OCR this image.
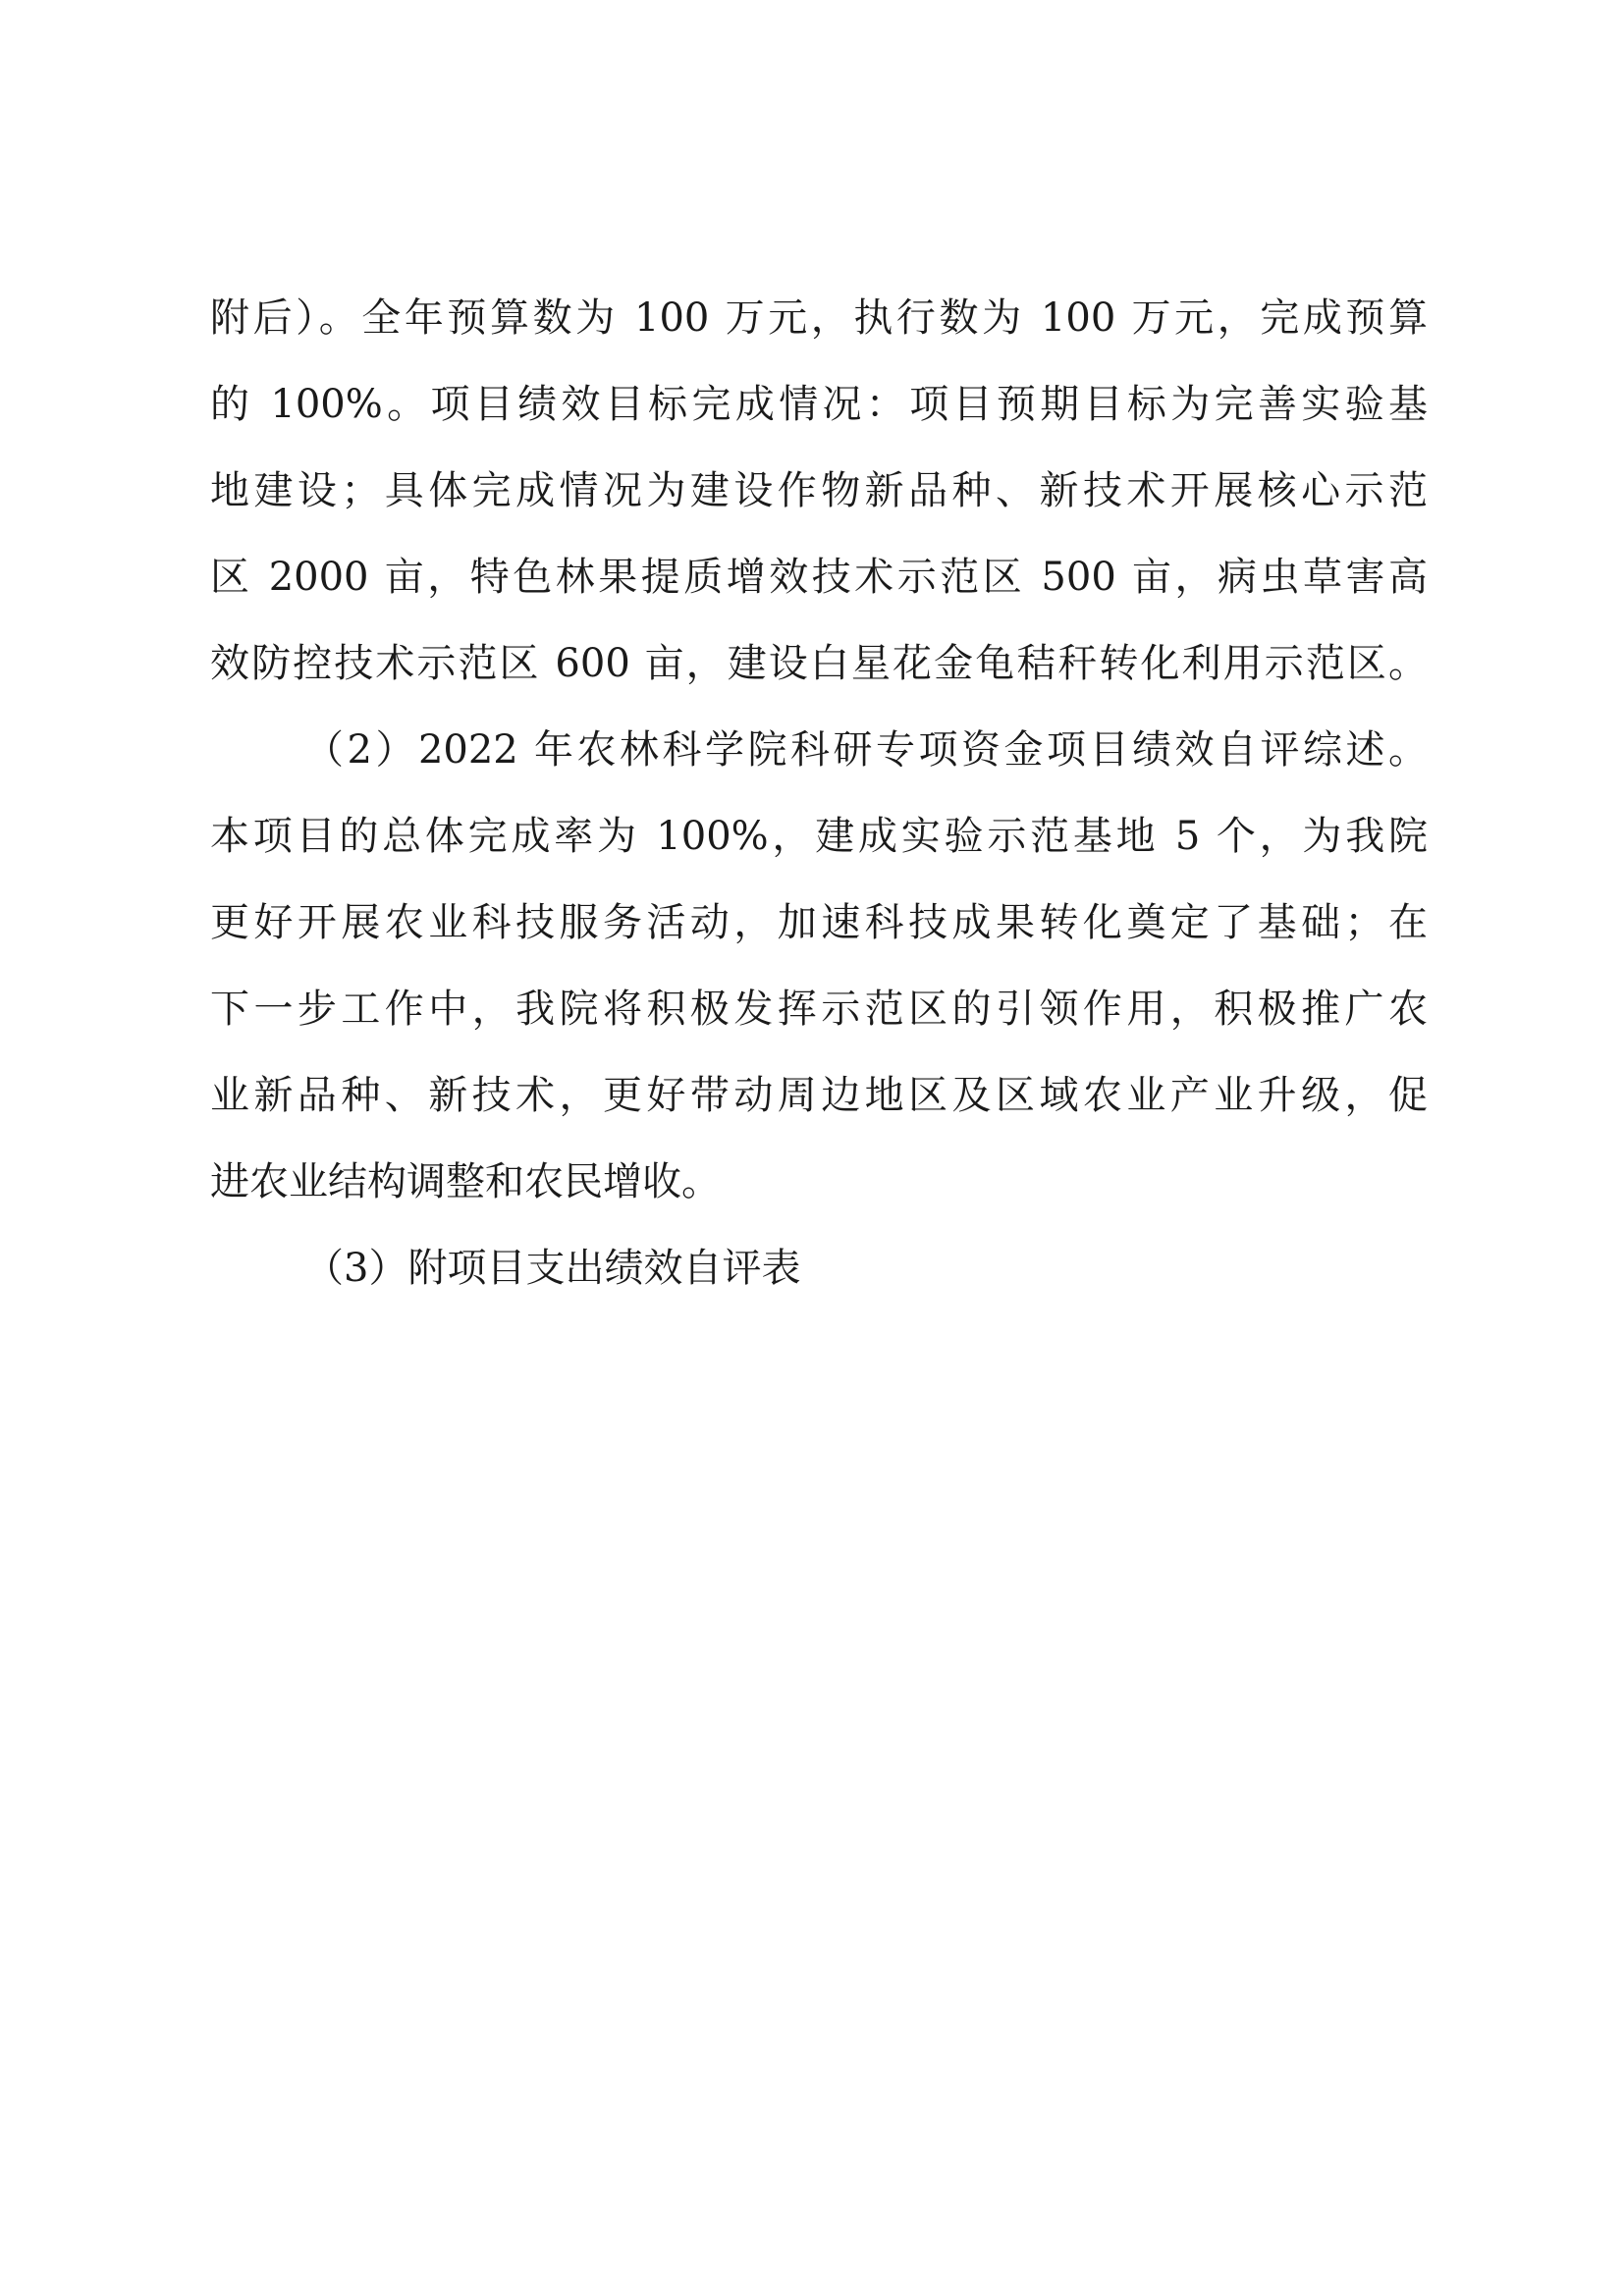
附后）。全年预算数为 100 万元，执行数为 100 万元，完成预算
的 100%。项目绩效目标完成情况：项目预期目标为完善实验基
地建设；具体完成情况为建设作物新品种、新技术开展核心示范
区 2000 亩，特色林果提质增效技术示范区 500 亩，病虫草害高
效防控技术示范区 600 亩，建设白星花金龟秸秆转化利用示范区。
（2）2022 年农林科学院科研专项资金项目绩效自评综述。
本项目的总体完成率为 100%，建成实验示范基地 5 个，为我院
更好开展农业科技服务活动，加速科技成果转化奠定了基础；在
下一步工作中，我院将积极发挥示范区的引领作用，积极推广农
业新品种、新技术，更好带动周边地区及区域农业产业升级，促
进农业结构调整和农民增收。
（3）附项目支出绩效自评表
